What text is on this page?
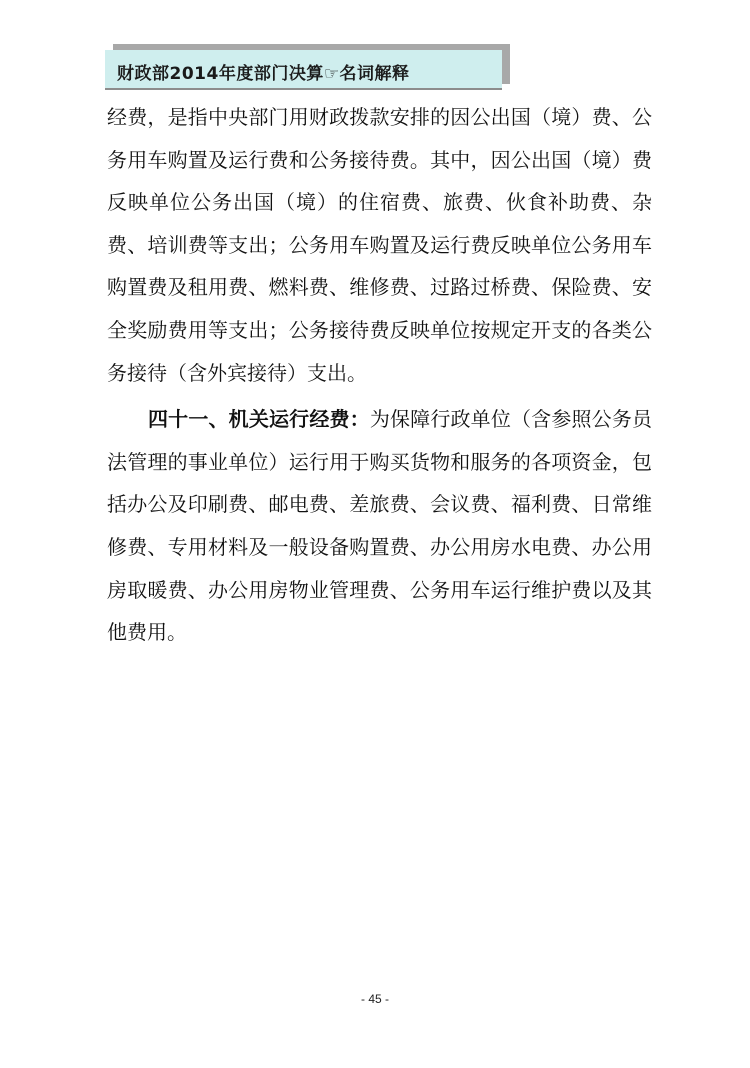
财政部2014年度部门决算☞名词解释

经费，是指中央部门用财政拨款安排的因公出国（境）费、公务用车购置及运行费和公务接待费。其中，因公出国（境）费反映单位公务出国（境）的住宿费、旅费、伙食补助费、杂费、培训费等支出；公务用车购置及运行费反映单位公务用车购置费及租用费、燃料费、维修费、过路过桥费、保险费、安全奖励费用等支出；公务接待费反映单位按规定开支的各类公务接待（含外宾接待）支出。

四十一、机关运行经费：为保障行政单位（含参照公务员法管理的事业单位）运行用于购买货物和服务的各项资金，包括办公及印刷费、邮电费、差旅费、会议费、福利费、日常维修费、专用材料及一般设备购置费、办公用房水电费、办公用房取暖费、办公用房物业管理费、公务用车运行维护费以及其他费用。

- 45 -
